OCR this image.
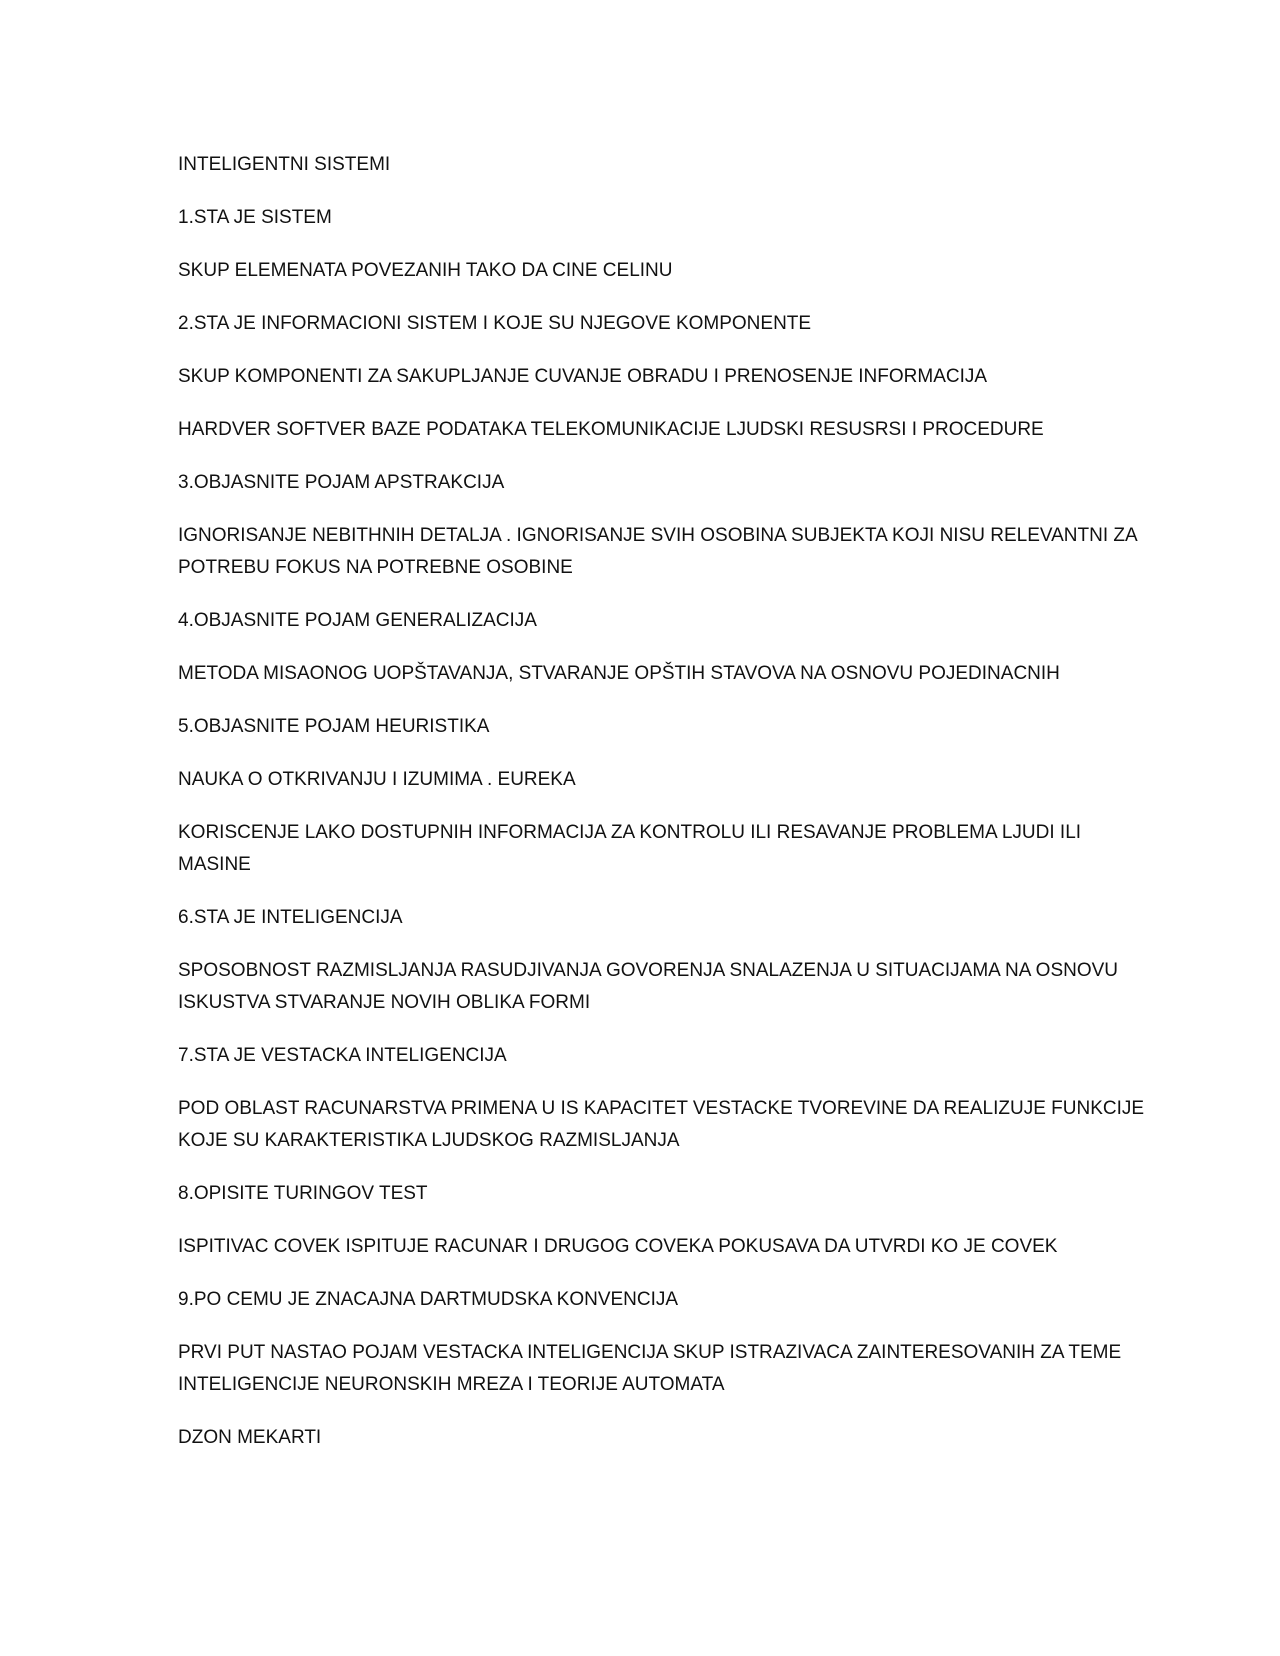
INTELIGENTNI SISTEMI

1.STA JE SISTEM

SKUP ELEMENATA POVEZANIH TAKO DA CINE CELINU

2.STA JE INFORMACIONI SISTEM I KOJE SU NJEGOVE KOMPONENTE

SKUP KOMPONENTI ZA SAKUPLJANJE CUVANJE OBRADU I PRENOSENJE INFORMACIJA

HARDVER SOFTVER BAZE PODATAKA TELEKOMUNIKACIJE LJUDSKI RESUSRSI I PROCEDURE

3.OBJASNITE POJAM APSTRAKCIJA

IGNORISANJE NEBITHNIH DETALJA . IGNORISANJE SVIH OSOBINA SUBJEKTA KOJI NISU RELEVANTNI ZA POTREBU FOKUS NA POTREBNE OSOBINE

4.OBJASNITE POJAM GENERALIZACIJA

METODA MISAONOG UOPŠTAVANJA, STVARANJE OPŠTIH STAVOVA NA OSNOVU POJEDINACNIH

5.OBJASNITE POJAM HEURISTIKA

NAUKA O OTKRIVANJU I IZUMIMA . EUREKA

KORISCENJE LAKO DOSTUPNIH INFORMACIJA ZA KONTROLU ILI RESAVANJE PROBLEMA LJUDI ILI MASINE

6.STA JE INTELIGENCIJA

SPOSOBNOST RAZMISLJANJA RASUDJIVANJA GOVORENJA SNALAZENJA U SITUACIJAMA NA OSNOVU ISKUSTVA STVARANJE NOVIH OBLIKA FORMI

7.STA JE VESTACKA INTELIGENCIJA

POD OBLAST RACUNARSTVA PRIMENA U IS KAPACITET VESTACKE TVOREVINE DA REALIZUJE FUNKCIJE KOJE SU KARAKTERISTIKA LJUDSKOG RAZMISLJANJA

8.OPISITE TURINGOV TEST

ISPITIVAC COVEK ISPITUJE RACUNAR I DRUGOG COVEKA POKUSAVA DA UTVRDI KO JE COVEK

9.PO CEMU JE ZNACAJNA DARTMUDSKA KONVENCIJA

PRVI PUT NASTAO POJAM VESTACKA INTELIGENCIJA SKUP ISTRAZIVACA ZAINTERESOVANIH ZA TEME INTELIGENCIJE NEURONSKIH MREZA I TEORIJE AUTOMATA

DZON MEKARTI
